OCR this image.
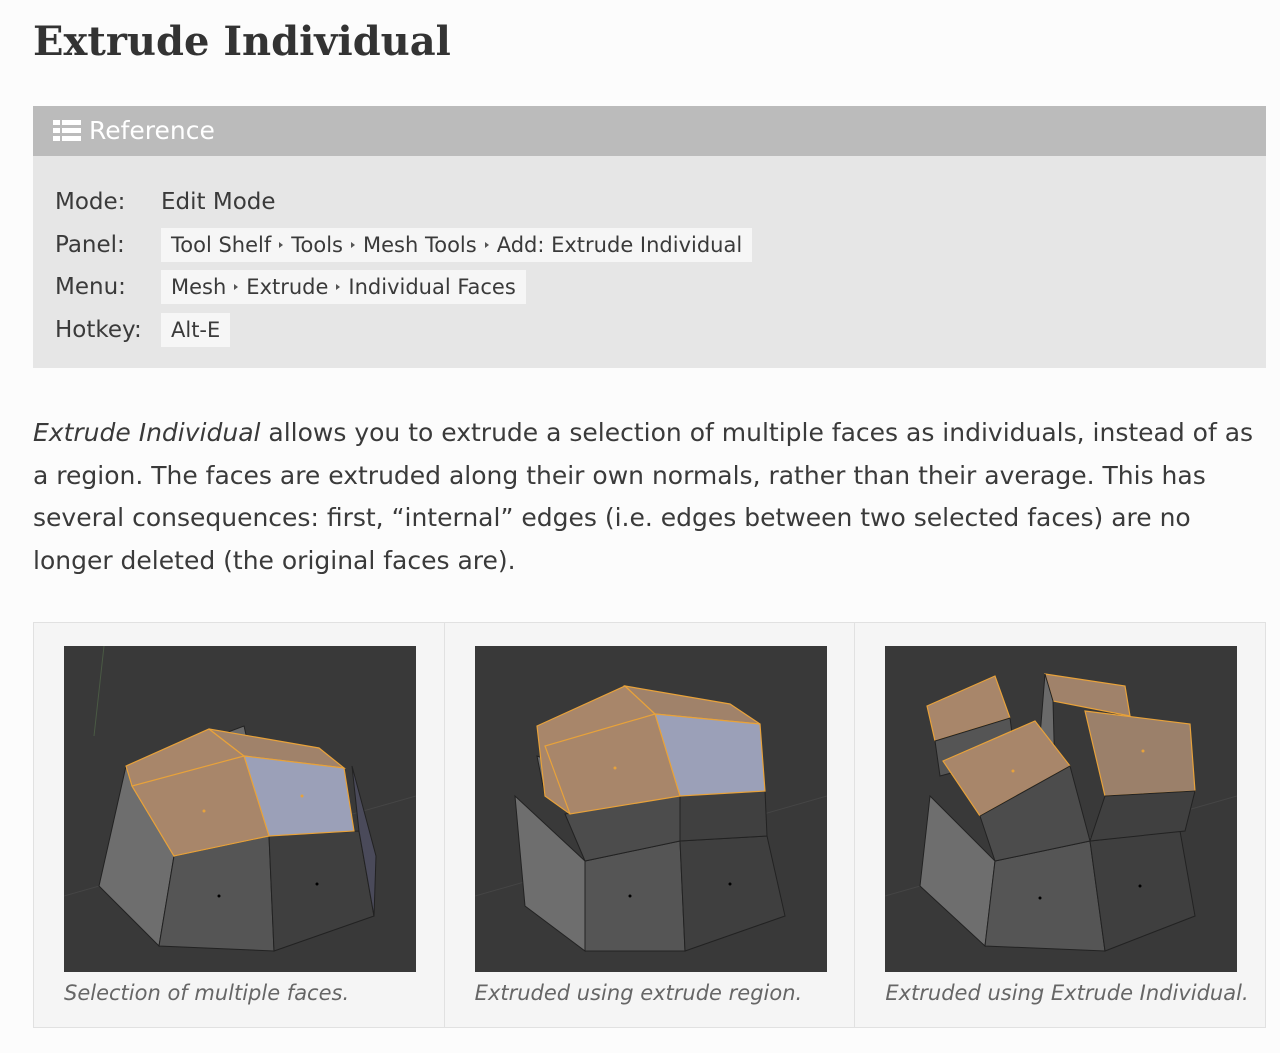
Extrude Individual
Reference
Mode:	Edit Mode
Panel:	Tool Shelf Tools Mesh Tools Add: Extrude Individual
Menu:	Mesh Extrude Individual Faces
Hotkey:	Alt-E

Extrude Individual allows you to extrude a selection of multiple faces as individuals, instead of as a region. The faces are extruded along their own normals, rather than their average. This has several consequences: first, “internal” edges (i.e. edges between two selected faces) are no longer deleted (the original faces are).

Selection of multiple faces.	Extruded using extrude region.	Extruded using Extrude Individual.
